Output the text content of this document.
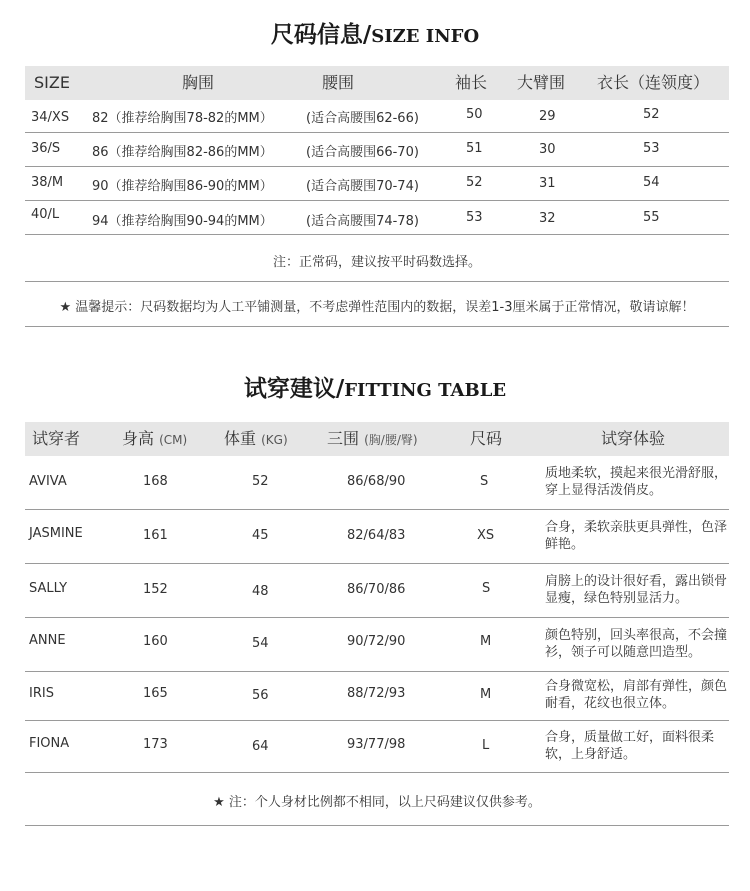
尺码信息/SIZE INFO
SIZE	胸围	腰围	袖长 大臂围 衣长（连领度）
34/XS 82（推荐给胸围78-82的MM）	(适合高腰围62-66)	50	29	52
36/S 86（推荐给胸围82-86的MM）	(适合高腰围66-70)	51	30	53
38/M 90（推荐给胸围86-90的MM）	(适合高腰围70-74)	52	31	54
40/L	94（推荐给胸围90-94的MM）	(适合高腰围74-78)	53	32	55
注：正常码，建议按平时码数选择。
★ 温馨提示：尺码数据均为人工平铺测量，不考虑弹性范围内的数据，误差1-3厘米属于正常情况，敬请谅解！
试穿建议/FITTING TABLE
试穿者	身高 (CM) 体重 (KG) 三围 (胸/腰/臀)	尺码	试穿体验
AVIVA	168	52	86/68/90	S
质地柔软，摸起来很光滑舒服，穿上显得活泼俏皮。
JASMINE	161	45	82/64/83	XS
合身，柔软亲肤更具弹性，色泽鲜艳。
SALLY	152	48	86/70/86	S	肩膀上的设计很好看，露出锁骨显瘦，绿色特别显活力。
ANNE	160	54	90/72/90	M	颜色特别，回头率很高，不会撞衫，领子可以随意凹造型。
IRIS	165	56	88/72/93	M
合身微宽松，肩部有弹性，颜色耐看，花纹也很立体。
FIONA	173	64	93/77/98	L
合身，质量做工好，面料很柔软，上身舒适。
★ 注：个人身材比例都不相同，以上尺码建议仅供参考。
